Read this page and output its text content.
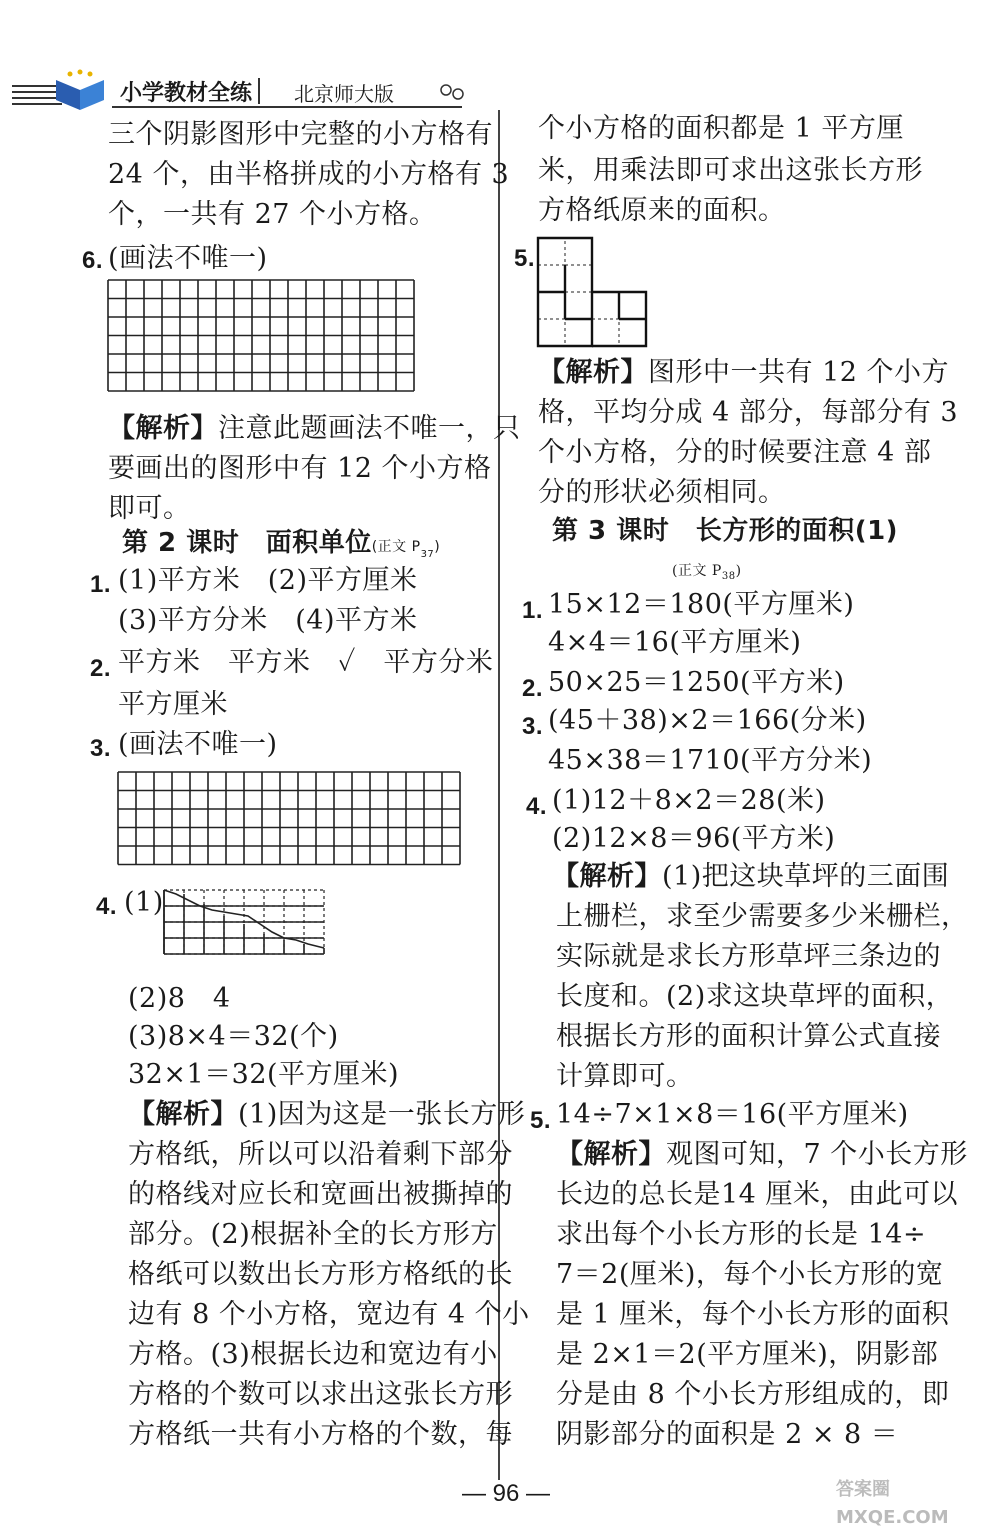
小学教材全练 北京师大版
三个阴影图形中完整的小方格有
24 个，由半格拼成的小方格有 3
个，一共有 27 个小方格。
6. (画法不唯一)
【解析】注意此题画法不唯一，只
要画出的图形中有 12 个小方格
即可。
第 2 课时　面积单位(正文 $P_{37}$)
1. (1)平方米　(2)平方厘米
(3)平方分米　(4)平方米
2. 平方米　平方米　✓　平方分米
平方厘米
3. (画法不唯一)
4. (1)
(2)8　4
(3)8×4＝32(个)
32×1＝32(平方厘米)
【解析】(1)因为这是一张长方形
方格纸，所以可以沿着剩下部分
的格线对应长和宽画出被撕掉的
部分。(2)根据补全的长方形方
格纸可以数出长方形方格纸的长
边有 8 个小方格，宽边有 4 个小
方格。(3)根据长边和宽边有小
方格的个数可以求出这张长方形
方格纸一共有小方格的个数，每
个小方格的面积都是 1 平方厘
米，用乘法即可求出这张长方形
方格纸原来的面积。
5.
【解析】图形中一共有 12 个小方
格，平均分成 4 部分，每部分有 3
个小方格，分的时候要注意 4 部
分的形状必须相同。
第 3 课时　长方形的面积(1)
(正文 $P_{38}$)
1. 15×12＝180(平方厘米)
4×4＝16(平方厘米)
2. 50×25＝1250(平方米)
3. (45＋38)×2＝166(分米)
45×38＝1710(平方分米)
4. (1)12＋8×2＝28(米)
(2)12×8＝96(平方米)
【解析】(1)把这块草坪的三面围
上栅栏，求至少需要多少米栅栏，
实际就是求长方形草坪三条边的
长度和。(2)求这块草坪的面积，
根据长方形的面积计算公式直接
计算即可。
5. 14÷7×1×8＝16(平方厘米)
【解析】观图可知，7 个小长方形
长边的总长是14 厘米，由此可以
求出每个小长方形的长是 14÷
7＝2(厘米)，每个小长方形的宽
是 1 厘米，每个小长方形的面积
是 2×1＝2(平方厘米)，阴影部
分是由 8 个小长方形组成的，即
阴影部分的面积是 2 × 8 ＝
— 96 —	答案圈 MXQE.COM
